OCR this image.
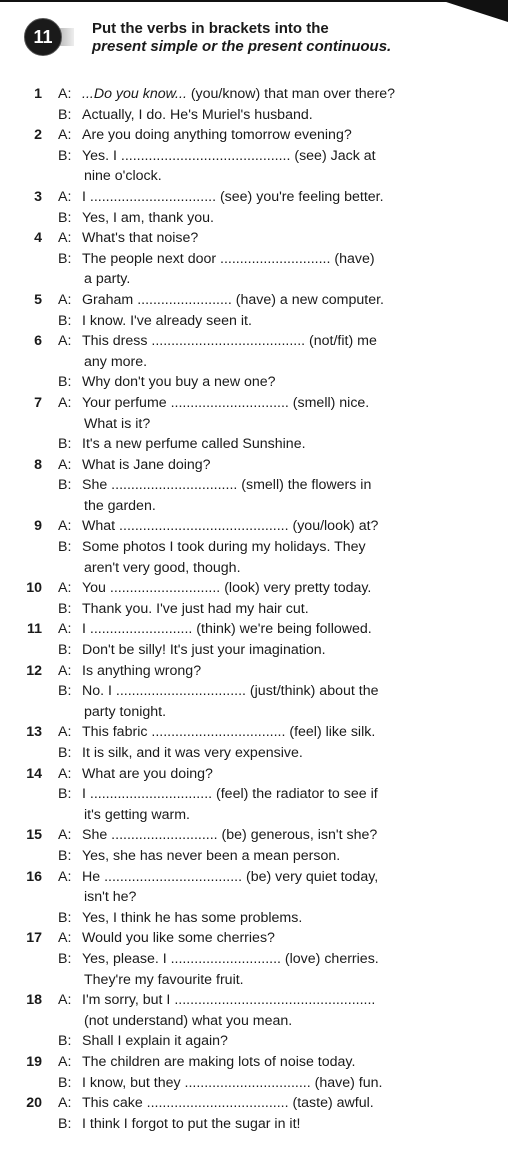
11	Put the verbs in brackets into the
present simple or the present continuous.
1 A: ...Do you know... (you/know) that man over there?
B: Actually, I do. He's Muriel's husband.
2 A: Are you doing anything tomorrow evening?
B: Yes. I ........................................... (see) Jack at
nine o'clock.
3 A: I ................................ (see) you're feeling better.
B: Yes, I am, thank you.
4 A: What's that noise?
B: The people next door ............................ (have)
a party.
5 A: Graham ........................ (have) a new computer.
B: I know. I've already seen it.
6 A: This dress ....................................... (not/fit) me
any more.
B: Why don't you buy a new one?
7 A: Your perfume .............................. (smell) nice.
What is it?
B: It's a new perfume called Sunshine.
8 A: What is Jane doing?
B: She ................................ (smell) the flowers in
the garden.
9 A: What ........................................... (you/look) at?
B: Some photos I took during my holidays. They
aren't very good, though.
10 A: You ............................ (look) very pretty today.
B: Thank you. I've just had my hair cut.
11 A: I .......................... (think) we're being followed.
B: Don't be silly! It's just your imagination.
12 A: Is anything wrong?
B: No. I ................................. (just/think) about the
party tonight.
13 A: This fabric .................................. (feel) like silk.
B: It is silk, and it was very expensive.
14 A: What are you doing?
B: I ............................... (feel) the radiator to see if
it's getting warm.
15 A: She ........................... (be) generous, isn't she?
B: Yes, she has never been a mean person.
16 A: He ................................... (be) very quiet today,
isn't he?
B: Yes, I think he has some problems.
17 A: Would you like some cherries?
B: Yes, please. I ............................ (love) cherries.
They're my favourite fruit.
18 A: I'm sorry, but I ...................................................
(not understand) what you mean.
B: Shall I explain it again?
19 A: The children are making lots of noise today.
B: I know, but they ................................ (have) fun.
20 A: This cake .................................... (taste) awful.
B: I think I forgot to put the sugar in it!
